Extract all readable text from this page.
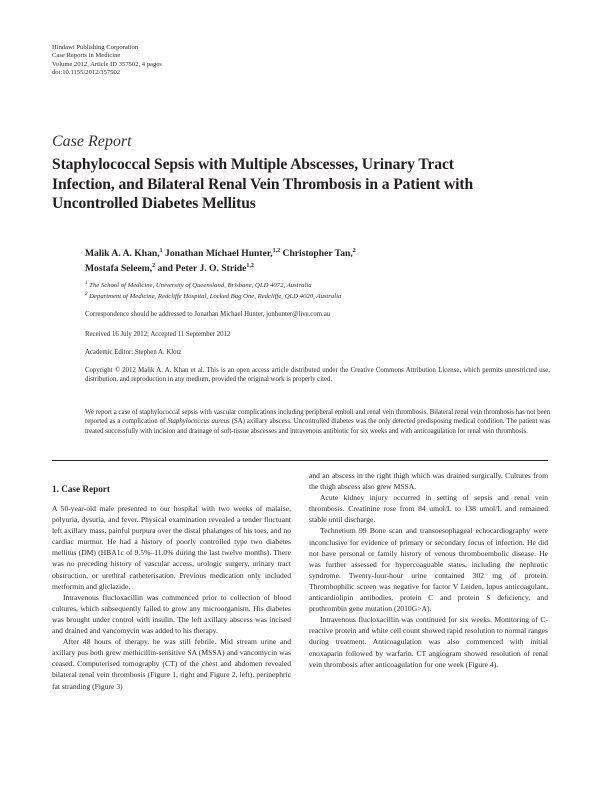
Hindawi Publishing Corporation
Case Reports in Medicine
Volume 2012, Article ID 357502, 4 pages
doi:10.1155/2012/357502
Case Report
Staphylococcal Sepsis with Multiple Abscesses, Urinary Tract
Infection, and Bilateral Renal Vein Thrombosis in a Patient with
Uncontrolled Diabetes Mellitus
Malik A. A. Khan,$^1$ Jonathan Michael Hunter,$^{1,2}$ Christopher Tan,$^2$
Mostafa Seleem,$^2$ and Peter J. O. Stride$^{1,2}$
$^1$ The School of Medicine, University of Queensland, Brisbane, QLD 4072, Australia
$^2$ Department of Medicine, Redcliffe Hospital, Locked Bag One, Redcliffe, QLD 4020, Australia
Correspondence should be addressed to Jonathan Michael Hunter, jonhunter@live.com.au
Received 16 July 2012; Accepted 11 September 2012
Academic Editor: Stephen A. Klotz
Copyright © 2012 Malik A. A. Khan et al. This is an open access article distributed under the Creative Commons Attribution License, which permits unrestricted use, distribution, and reproduction in any medium, provided the original work is properly cited.
We report a case of staphylococcal sepsis with vascular complications including peripheral emboli and renal vein thrombosis. Bilateral renal vein thrombosis has not been reported as a complication of Staphylococcus aureus (SA) axillary abscess. Uncontrolled diabetes was the only detected predisposing medical condition. The patient was treated successfully with incision and drainage of soft-tissue abscesses and intravenous antibiotic for six weeks and with anticoagulation for renal vein thrombosis.
1. Case Report

A 50-year-old male presented to our hospital with two weeks of malaise, polyuria, dysuria, and fever. Physical examination revealed a tender fluctuant left axillary mass, painful purpura over the distal phalanges of his toes, and no cardiac murmur. He had a history of poorly controlled type two diabetes mellitus (DM) (HBA1c of 9.5%–11.0% during the last twelve months). There was no preceding history of vascular access, urologic surgery, urinary tract obstruction, or urethral catheterisation. Previous medication only included metformin and gliclazide.

Intravenous flucloxacillin was commenced prior to collection of blood cultures, which subsequently failed to grow any microorganism. His diabetes was brought under control with insulin. The left axillary abscess was incised and drained and vancomycin was added to his therapy.

After 48 hours of therapy, he was still febrile. Mid stream urine and axillary pus both grew methicillin-sensitive SA (MSSA) and vancomycin was ceased. Computerised tomography (CT) of the chest and abdomen revealed bilateral renal vein thrombosis (Figure 1, right and Figure 2, left), perinephric fat stranding (Figure 3)

and an abscess in the right thigh which was drained surgically. Cultures from the thigh abscess also grew MSSA.

Acute kidney injury occurred in setting of sepsis and renal vein thrombosis. Creatinine rose from 84 umol/L to 138 umol/L and remained stable until discharge.

Technetium 99 Bone scan and transoesophageal echocardiography were inconclusive for evidence of primary or secondary focus of infection. He did not have personal or family history of venous thromboembolic disease. He was further assessed for hypercoaguable states, including the nephrotic syndrome. Twenty-four-hour urine contained 302 mg of protein. Thrombophilic screen was negative for factor V Leiden, lupus anticoagulant, anticardiolipin antibodies, protein C and protein S deficiency, and prothrombin gene mutation (2010G>A).

Intravenous flucloxacillin was continued for six weeks. Monitoring of C-reactive protein and white cell count showed rapid resolution to normal ranges during treatment. Anticoagulation was also commenced with initial enoxaparin followed by warfarin. CT angiogram showed resolution of renal vein thrombosis after anticoagulation for one week (Figure 4).
